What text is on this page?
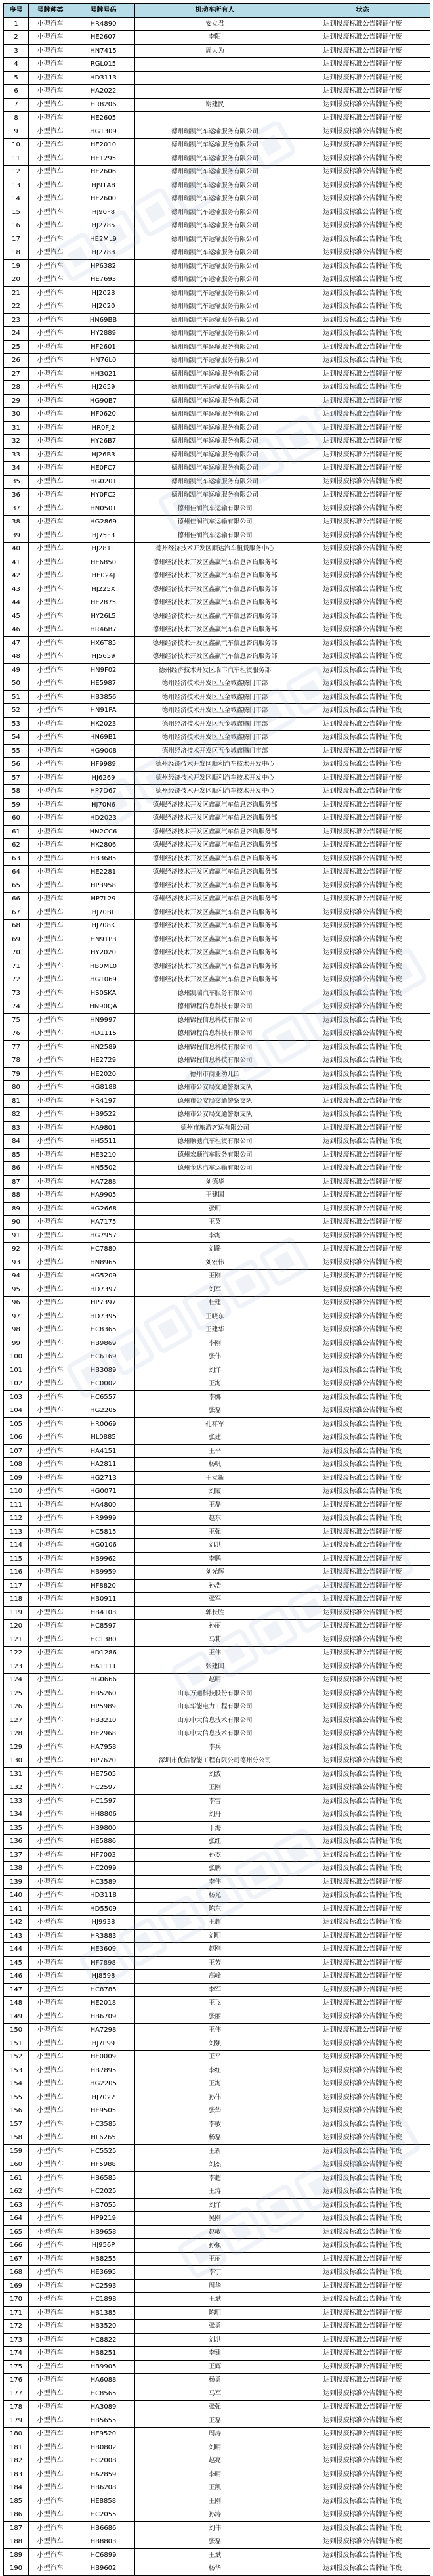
序号	号牌种类	号牌号码	机动车所有人	状态
1	小型汽车	HR4890	安立君	达到报废标准公告牌证作废
2	小型汽车	HE2607	李阳	达到报废标准公告牌证作废
3	小型汽车	HN7415	周大为	达到报废标准公告牌证作废
4	小型汽车	RGL015		达到报废标准公告牌证作废
5	小型汽车	HD3113		达到报废标准公告牌证作废
6	小型汽车	HA2022		达到报废标准公告牌证作废
7	小型汽车	HR8206	谢建民	达到报废标准公告牌证作废
8	小型汽车	HE2605		达到报废标准公告牌证作废
9	小型汽车	HG1309	德州瑞凯汽车运输服务有限公司	达到报废标准公告牌证作废
10	小型汽车	HE2010	德州瑞凯汽车运输服务有限公司	达到报废标准公告牌证作废
11	小型汽车	HE1295	德州瑞凯汽车运输服务有限公司	达到报废标准公告牌证作废
12	小型汽车	HE2606	德州瑞凯汽车运输服务有限公司	达到报废标准公告牌证作废
13	小型汽车	HJ91A8	德州瑞凯汽车运输服务有限公司	达到报废标准公告牌证作废
14	小型汽车	HE2600	德州瑞凯汽车运输服务有限公司	达到报废标准公告牌证作废
15	小型汽车	HJ90F8	德州瑞凯汽车运输服务有限公司	达到报废标准公告牌证作废
16	小型汽车	HJ2785	德州瑞凯汽车运输服务有限公司	达到报废标准公告牌证作废
17	小型汽车	HE2ML9	德州瑞凯汽车运输服务有限公司	达到报废标准公告牌证作废
18	小型汽车	HJ2788	德州瑞凯汽车运输服务有限公司	达到报废标准公告牌证作废
19	小型汽车	HP6382	德州瑞凯汽车运输服务有限公司	达到报废标准公告牌证作废
20	小型汽车	HE7693	德州瑞凯汽车运输服务有限公司	达到报废标准公告牌证作废
21	小型汽车	HJ2028	德州瑞凯汽车运输服务有限公司	达到报废标准公告牌证作废
22	小型汽车	HJ2020	德州瑞凯汽车运输服务有限公司	达到报废标准公告牌证作废
23	小型汽车	HN69BB	德州瑞凯汽车运输服务有限公司	达到报废标准公告牌证作废
24	小型汽车	HY2889	德州瑞凯汽车运输服务有限公司	达到报废标准公告牌证作废
25	小型汽车	HF2601	德州瑞凯汽车运输服务有限公司	达到报废标准公告牌证作废
26	小型汽车	HN76L0	德州瑞凯汽车运输服务有限公司	达到报废标准公告牌证作废
27	小型汽车	HH3021	德州瑞凯汽车运输服务有限公司	达到报废标准公告牌证作废
28	小型汽车	HJ2659	德州瑞凯汽车运输服务有限公司	达到报废标准公告牌证作废
29	小型汽车	HG90B7	德州瑞凯汽车运输服务有限公司	达到报废标准公告牌证作废
30	小型汽车	HF0620	德州瑞凯汽车运输服务有限公司	达到报废标准公告牌证作废
31	小型汽车	HR0FJ2	德州瑞凯汽车运输服务有限公司	达到报废标准公告牌证作废
32	小型汽车	HY26B7	德州瑞凯汽车运输服务有限公司	达到报废标准公告牌证作废
33	小型汽车	HJ26B3	德州瑞凯汽车运输服务有限公司	达到报废标准公告牌证作废
34	小型汽车	HE0FC7	德州瑞凯汽车运输服务有限公司	达到报废标准公告牌证作废
35	小型汽车	HG0201	德州瑞凯汽车运输服务有限公司	达到报废标准公告牌证作废
36	小型汽车	HY0FC2	德州瑞凯汽车运输服务有限公司	达到报废标准公告牌证作废
37	小型汽车	HN0501	德州佳润汽车运输有限公司	达到报废标准公告牌证作废
38	小型汽车	HG2869	德州佳润汽车运输有限公司	达到报废标准公告牌证作废
39	小型汽车	HJ75F3	德州佳润汽车运输有限公司	达到报废标准公告牌证作废
40	小型汽车	HJ2811	德州经济技术开发区顺达汽车租赁服务中心	达到报废标准公告牌证作废
41	小型汽车	HE6850	德州经济技术开发区鑫赢汽车信息咨询服务部	达到报废标准公告牌证作废
42	小型汽车	HE024J	德州经济技术开发区鑫赢汽车信息咨询服务部	达到报废标准公告牌证作废
43	小型汽车	HJ225X	德州经济技术开发区鑫赢汽车信息咨询服务部	达到报废标准公告牌证作废
44	小型汽车	HE2875	德州经济技术开发区鑫赢汽车信息咨询服务部	达到报废标准公告牌证作废
45	小型汽车	HY26L5	德州经济技术开发区鑫赢汽车信息咨询服务部	达到报废标准公告牌证作废
46	小型汽车	HR46B7	德州经济技术开发区鑫赢汽车信息咨询服务部	达到报废标准公告牌证作废
47	小型汽车	HX6T85	德州经济技术开发区鑫赢汽车信息咨询服务部	达到报废标准公告牌证作废
48	小型汽车	HJ5659	德州经济技术开发区鑫赢汽车信息咨询服务部	达到报废标准公告牌证作废
49	小型汽车	HN9F02	德州经济技术开发区瑞丰汽车租赁服务部	达到报废标准公告牌证作废
50	小型汽车	HE5987	德州经济技术开发区五金城鑫腾门市部	达到报废标准公告牌证作废
51	小型汽车	HB3856	德州经济技术开发区五金城鑫腾门市部	达到报废标准公告牌证作废
52	小型汽车	HN91PA	德州经济技术开发区五金城鑫腾门市部	达到报废标准公告牌证作废
53	小型汽车	HK2023	德州经济技术开发区五金城鑫腾门市部	达到报废标准公告牌证作废
54	小型汽车	HN69B1	德州经济技术开发区五金城鑫腾门市部	达到报废标准公告牌证作废
55	小型汽车	HG9008	德州经济技术开发区五金城鑫腾门市部	达到报废标准公告牌证作废
56	小型汽车	HF9989	德州经济技术开发区顺利汽车技术开发中心	达到报废标准公告牌证作废
57	小型汽车	HJ6269	德州经济技术开发区顺利汽车技术开发中心	达到报废标准公告牌证作废
58	小型汽车	HP7D67	德州经济技术开发区顺利汽车技术开发中心	达到报废标准公告牌证作废
59	小型汽车	HJ70N6	德州经济技术开发区鑫赢汽车信息咨询服务部	达到报废标准公告牌证作废
60	小型汽车	HD2023	德州经济技术开发区鑫赢汽车信息咨询服务部	达到报废标准公告牌证作废
61	小型汽车	HN2CC6	德州经济技术开发区鑫赢汽车信息咨询服务部	达到报废标准公告牌证作废
62	小型汽车	HK2806	德州经济技术开发区鑫赢汽车信息咨询服务部	达到报废标准公告牌证作废
63	小型汽车	HB3685	德州经济技术开发区鑫赢汽车信息咨询服务部	达到报废标准公告牌证作废
64	小型汽车	HE2281	德州经济技术开发区鑫赢汽车信息咨询服务部	达到报废标准公告牌证作废
65	小型汽车	HP3958	德州经济技术开发区鑫赢汽车信息咨询服务部	达到报废标准公告牌证作废
66	小型汽车	HP7L29	德州经济技术开发区鑫赢汽车信息咨询服务部	达到报废标准公告牌证作废
67	小型汽车	HJ70BL	德州经济技术开发区鑫赢汽车信息咨询服务部	达到报废标准公告牌证作废
68	小型汽车	HJ708K	德州经济技术开发区鑫赢汽车信息咨询服务部	达到报废标准公告牌证作废
69	小型汽车	HN91P3	德州经济技术开发区鑫赢汽车信息咨询服务部	达到报废标准公告牌证作废
70	小型汽车	HY2020	德州经济技术开发区鑫赢汽车信息咨询服务部	达到报废标准公告牌证作废
71	小型汽车	HB0ML0	德州经济技术开发区鑫赢汽车信息咨询服务部	达到报废标准公告牌证作废
72	小型汽车	HG1069	德州经济技术开发区鑫赢汽车信息咨询服务部	达到报废标准公告牌证作废
73	小型汽车	HS0SKA	德州凯瑞汽车服务有限公司	达到报废标准公告牌证作废
74	小型汽车	HN90QA	德州锦程信息科技有限公司	达到报废标准公告牌证作废
75	小型汽车	HN9997	德州锦程信息科技有限公司	达到报废标准公告牌证作废
76	小型汽车	HD1115	德州锦程信息科技有限公司	达到报废标准公告牌证作废
77	小型汽车	HN2589	德州锦程信息科技有限公司	达到报废标准公告牌证作废
78	小型汽车	HE2729	德州锦程信息科技有限公司	达到报废标准公告牌证作废
79	小型汽车	HE2020	德州市商业幼儿园	达到报废标准公告牌证作废
80	小型汽车	HG8188	德州市公安局交通警察支队	达到报废标准公告牌证作废
81	小型汽车	HR4197	德州市公安局交通警察支队	达到报废标准公告牌证作废
82	小型汽车	HB9522	德州市公安局交通警察支队	达到报废标准公告牌证作废
83	小型汽车	HA9801	德州市旅游客运有限公司	达到报废标准公告牌证作废
84	小型汽车	HH5511	德州顺驰汽车租赁有限公司	达到报废标准公告牌证作废
85	小型汽车	HE3210	德州宏顺汽车服务有限公司	达到报废标准公告牌证作废
86	小型汽车	HN5502	德州金达汽车运输有限公司	达到报废标准公告牌证作废
87	小型汽车	HA7288	刘德华	达到报废标准公告牌证作废
88	小型汽车	HA9905	王建国	达到报废标准公告牌证作废
89	小型汽车	HG2668	张明	达到报废标准公告牌证作废
90	小型汽车	HA7175	王英	达到报废标准公告牌证作废
91	小型汽车	HG7957	李海	达到报废标准公告牌证作废
92	小型汽车	HC7880	刘静	达到报废标准公告牌证作废
93	小型汽车	HN8965	刘宏伟	达到报废标准公告牌证作废
94	小型汽车	HG5209	王刚	达到报废标准公告牌证作废
95	小型汽车	HD7397	刘军	达到报废标准公告牌证作废
96	小型汽车	HP7397	杜建	达到报废标准公告牌证作废
97	小型汽车	HD7395	王晓东	达到报废标准公告牌证作废
98	小型汽车	HC8365	王建华	达到报废标准公告牌证作废
99	小型汽车	HB9869	李刚	达到报废标准公告牌证作废
100	小型汽车	HC6169	张伟	达到报废标准公告牌证作废
101	小型汽车	HB3089	刘洋	达到报废标准公告牌证作废
102	小型汽车	HC0002	王海	达到报废标准公告牌证作废
103	小型汽车	HC6557	李娜	达到报废标准公告牌证作废
104	小型汽车	HG2205	张磊	达到报废标准公告牌证作废
105	小型汽车	HR0069	孔祥军	达到报废标准公告牌证作废
106	小型汽车	HL0885	张建	达到报废标准公告牌证作废
107	小型汽车	HA4151	王平	达到报废标准公告牌证作废
108	小型汽车	HA2811	杨帆	达到报废标准公告牌证作废
109	小型汽车	HG2713	王立新	达到报废标准公告牌证作废
110	小型汽车	HG0071	刘霞	达到报废标准公告牌证作废
111	小型汽车	HA4800	王磊	达到报废标准公告牌证作废
112	小型汽车	HR9999	赵东	达到报废标准公告牌证作废
113	小型汽车	HC5815	王强	达到报废标准公告牌证作废
114	小型汽车	HG0106	刘洪	达到报废标准公告牌证作废
115	小型汽车	HB9962	李鹏	达到报废标准公告牌证作废
116	小型汽车	HB9959	刘光辉	达到报废标准公告牌证作废
117	小型汽车	HF8820	孙浩	达到报废标准公告牌证作废
118	小型汽车	HB0911	张军	达到报废标准公告牌证作废
119	小型汽车	HB4103	郭长胜	达到报废标准公告牌证作废
120	小型汽车	HC8597	孙丽	达到报废标准公告牌证作废
121	小型汽车	HC1380	马莉	达到报废标准公告牌证作废
122	小型汽车	HD1286	王伟	达到报废标准公告牌证作废
123	小型汽车	HA1111	张建国	达到报废标准公告牌证作废
124	小型汽车	HG0666	赵明	达到报废标准公告牌证作废
125	小型汽车	HB5260	山东万通科技股份有限公司	达到报废标准公告牌证作废
126	小型汽车	HP5989	山东华能电力工程有限公司	达到报废标准公告牌证作废
127	小型汽车	HB3210	山东中大信息技术有限公司	达到报废标准公告牌证作废
128	小型汽车	HE2968	山东中大信息技术有限公司	达到报废标准公告牌证作废
129	小型汽车	HA7958	李兵	达到报废标准公告牌证作废
130	小型汽车	HP7620	深圳市优信智能工程有限公司德州分公司	达到报废标准公告牌证作废
131	小型汽车	HE7505	刘波	达到报废标准公告牌证作废
132	小型汽车	HC2597	王刚	达到报废标准公告牌证作废
133	小型汽车	HC1597	李雪	达到报废标准公告牌证作废
134	小型汽车	HH8806	刘丹	达到报废标准公告牌证作废
135	小型汽车	HB9800	于海	达到报废标准公告牌证作废
136	小型汽车	HE5886	张红	达到报废标准公告牌证作废
137	小型汽车	HF7003	孙杰	达到报废标准公告牌证作废
138	小型汽车	HC2099	张鹏	达到报废标准公告牌证作废
139	小型汽车	HC3589	李伟	达到报废标准公告牌证作废
140	小型汽车	HD3118	杨光	达到报废标准公告牌证作废
141	小型汽车	HD5509	陈东	达到报废标准公告牌证作废
142	小型汽车	HJ9938	王超	达到报废标准公告牌证作废
143	小型汽车	HR3883	刘明	达到报废标准公告牌证作废
144	小型汽车	HE3609	赵刚	达到报废标准公告牌证作废
145	小型汽车	HF7898	王芳	达到报废标准公告牌证作废
146	小型汽车	HJ8598	高峰	达到报废标准公告牌证作废
147	小型汽车	HC8785	李军	达到报废标准公告牌证作废
148	小型汽车	HE2018	王飞	达到报废标准公告牌证作废
149	小型汽车	HB6709	张丽	达到报废标准公告牌证作废
150	小型汽车	HA7298	王伟	达到报废标准公告牌证作废
151	小型汽车	HJ7P99	刘强	达到报废标准公告牌证作废
152	小型汽车	HE0009	王平	达到报废标准公告牌证作废
153	小型汽车	HB7895	李红	达到报废标准公告牌证作废
154	小型汽车	HG2205	王海	达到报废标准公告牌证作废
155	小型汽车	HJ7022	孙伟	达到报废标准公告牌证作废
156	小型汽车	HE9505	张华	达到报废标准公告牌证作废
157	小型汽车	HC3585	李敏	达到报废标准公告牌证作废
158	小型汽车	HL6265	杨磊	达到报废标准公告牌证作废
159	小型汽车	HC5525	王新	达到报废标准公告牌证作废
160	小型汽车	HF5988	刘杰	达到报废标准公告牌证作废
161	小型汽车	HB6585	李超	达到报废标准公告牌证作废
162	小型汽车	HC2025	王涛	达到报废标准公告牌证作废
163	小型汽车	HB7055	刘洋	达到报废标准公告牌证作废
164	小型汽车	HP9219	吴刚	达到报废标准公告牌证作废
165	小型汽车	HB9658	赵敏	达到报废标准公告牌证作废
166	小型汽车	HJ956P	孙强	达到报废标准公告牌证作废
167	小型汽车	HB8255	王丽	达到报废标准公告牌证作废
168	小型汽车	HE3695	李宁	达到报废标准公告牌证作废
169	小型汽车	HC2593	周华	达到报废标准公告牌证作废
170	小型汽车	HC1898	王斌	达到报废标准公告牌证作废
171	小型汽车	HB1385	陈明	达到报废标准公告牌证作废
172	小型汽车	HB3520	张勇	达到报废标准公告牌证作废
173	小型汽车	HC8822	刘洪	达到报废标准公告牌证作废
174	小型汽车	HB8251	李建	达到报废标准公告牌证作废
175	小型汽车	HB9905	王辉	达到报废标准公告牌证作废
176	小型汽车	HA6088	杨勇	达到报废标准公告牌证作废
177	小型汽车	HC8565	马军	达到报废标准公告牌证作废
178	小型汽车	HA3089	张强	达到报废标准公告牌证作废
179	小型汽车	HB5655	王磊	达到报废标准公告牌证作废
180	小型汽车	HE9520	周涛	达到报废标准公告牌证作废
181	小型汽车	HB0802	刘明	达到报废标准公告牌证作废
182	小型汽车	HC2008	赵亮	达到报废标准公告牌证作废
183	小型汽车	HA2859	李明	达到报废标准公告牌证作废
184	小型汽车	HB6208	王凯	达到报废标准公告牌证作废
185	小型汽车	HE8858	王刚	达到报废标准公告牌证作废
186	小型汽车	HC2055	孙涛	达到报废标准公告牌证作废
187	小型汽车	HB6686	刘伟	达到报废标准公告牌证作废
188	小型汽车	HB8803	张磊	达到报废标准公告牌证作废
189	小型汽车	HC6899	王斌	达到报废标准公告牌证作废
190	小型汽车	HB9602	杨华	达到报废标准公告牌证作废
